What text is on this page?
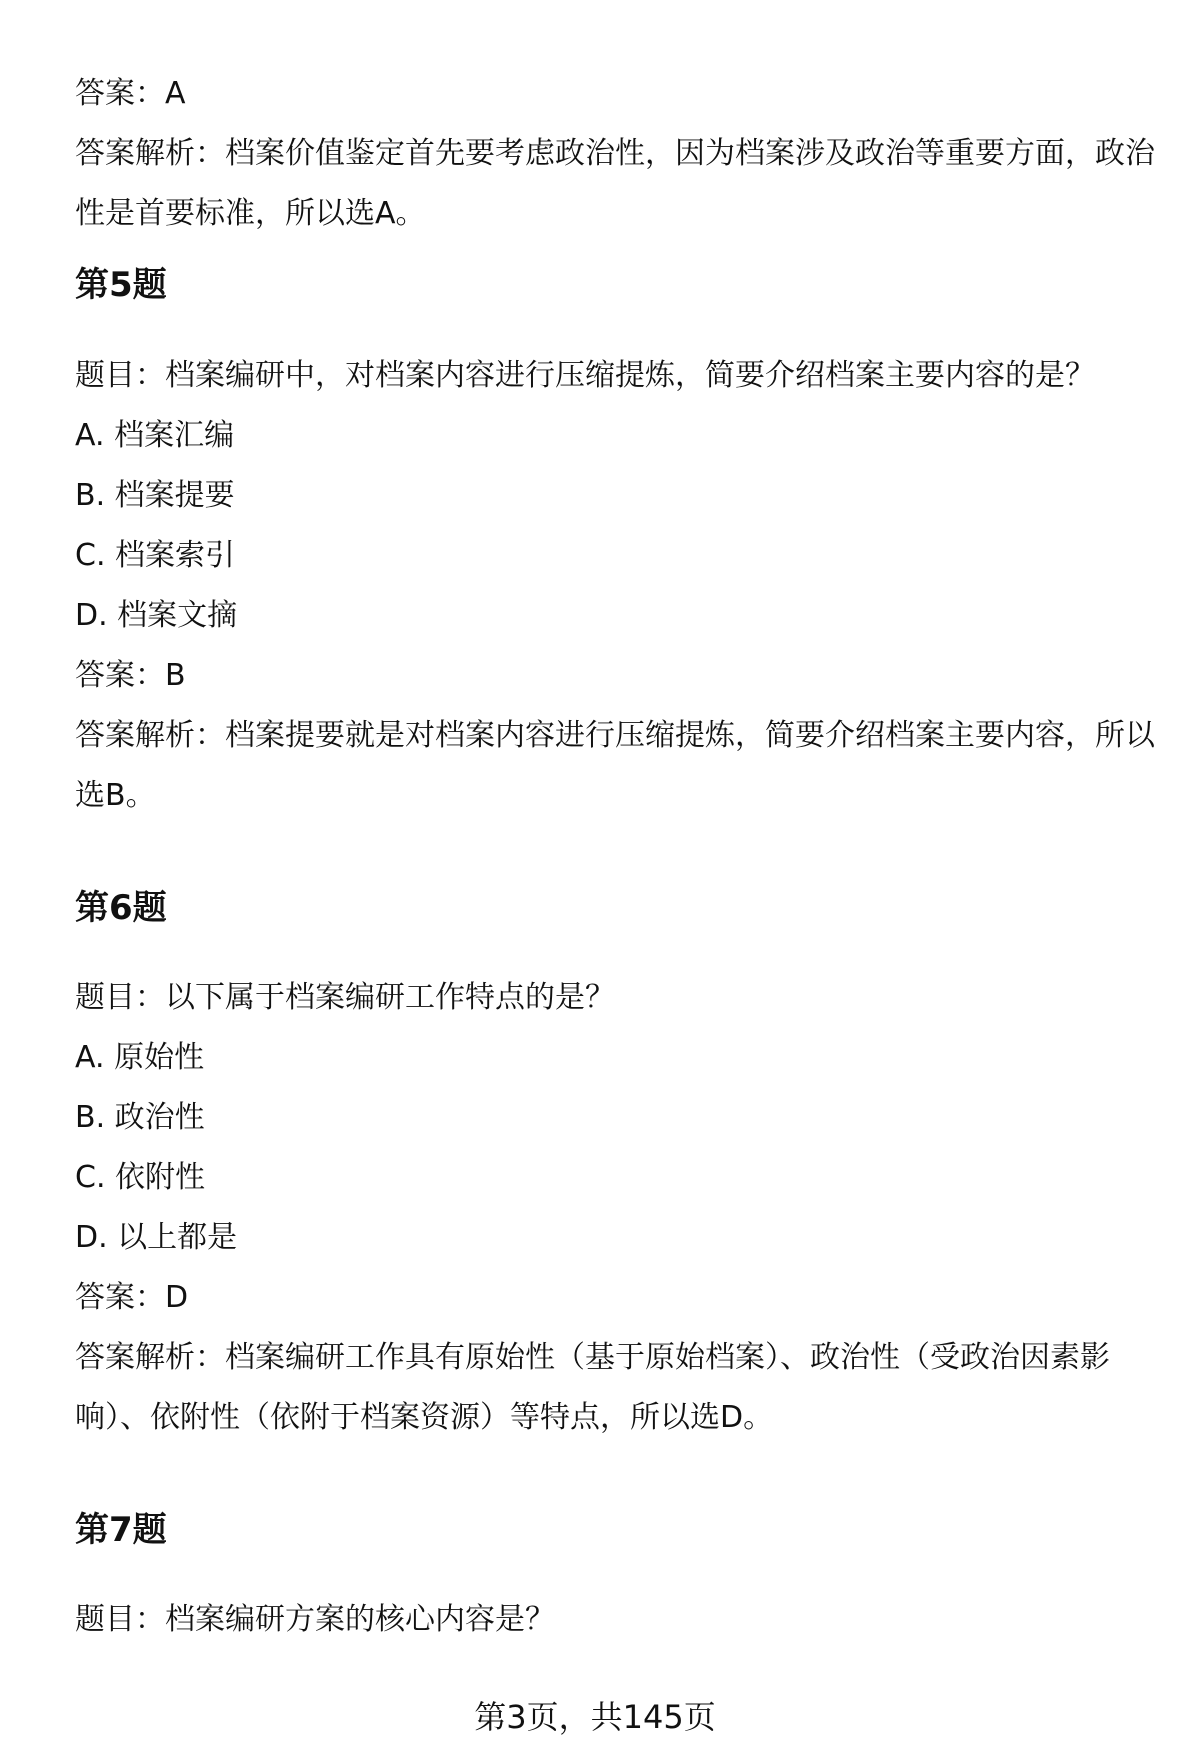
答案：A
答案解析：档案价值鉴定首先要考虑政治性，因为档案涉及政治等重要方面，政治性是首要标准，所以选A。
第5题
题目：档案编研中，对档案内容进行压缩提炼，简要介绍档案主要内容的是？
A. 档案汇编
B. 档案提要
C. 档案索引
D. 档案文摘
答案：B
答案解析：档案提要就是对档案内容进行压缩提炼，简要介绍档案主要内容，所以选B。
第6题
题目：以下属于档案编研工作特点的是？
A. 原始性
B. 政治性
C. 依附性
D. 以上都是
答案：D
答案解析：档案编研工作具有原始性（基于原始档案）、政治性（受政治因素影响）、依附性（依附于档案资源）等特点，所以选D。
第7题
题目：档案编研方案的核心内容是？
第3页，共145页
